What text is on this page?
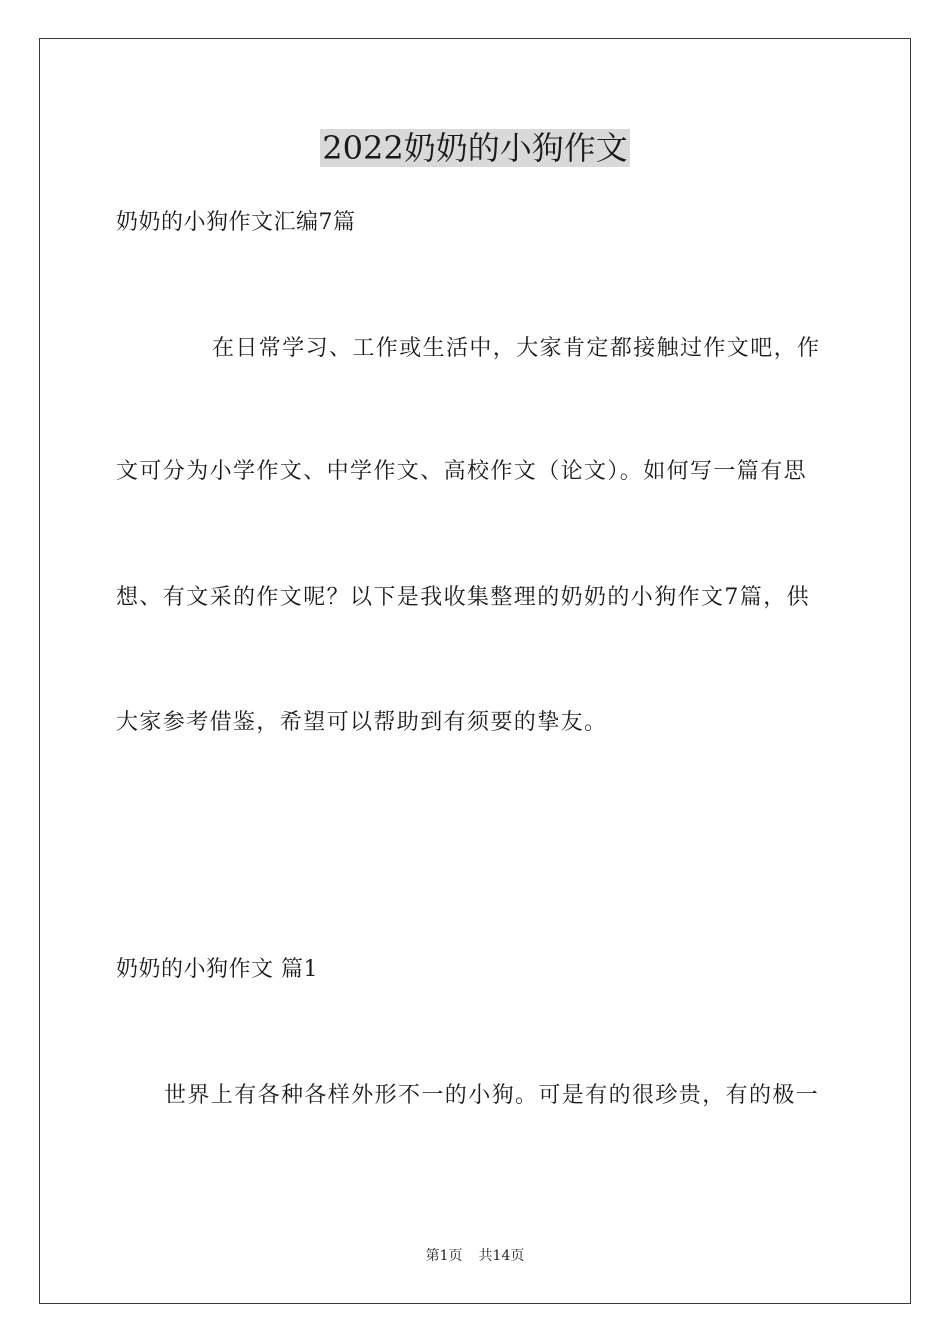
2022奶奶的小狗作文
奶奶的小狗作文汇编7篇
在日常学习、工作或生活中，大家肯定都接触过作文吧，作
文可分为小学作文、中学作文、高校作文（论文）。如何写一篇有思
想、有文采的作文呢？以下是我收集整理的奶奶的小狗作文7篇，供
大家参考借鉴，希望可以帮助到有须要的挚友。
奶奶的小狗作文 篇1
世界上有各种各样外形不一的小狗。可是有的很珍贵，有的极一
第1页 共14页
